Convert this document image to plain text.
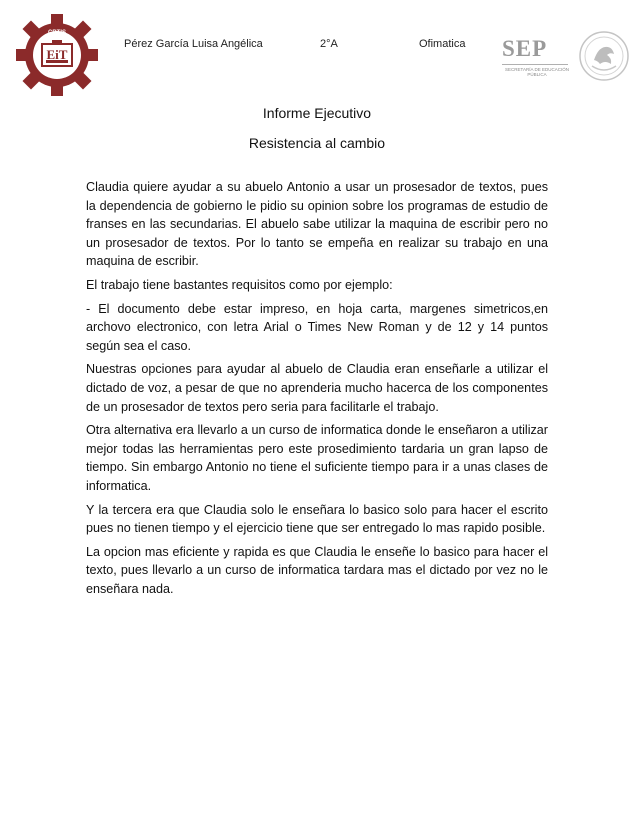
CBTIS
EiT
Pérez García Luisa Angélica	2°A	Ofimatica SEP
SECRETARÍA DE EDUCACIÓN PÚBLICA
Informe Ejecutivo
Resistencia al cambio

Claudia quiere ayudar a su abuelo Antonio a usar un prosesador de textos, pues la dependencia de gobierno le pidio su opinion sobre los programas de estudio de franses en las secundarias. El abuelo sabe utilizar la maquina de escribir pero no un prosesador de textos. Por lo tanto se empeña en realizar su trabajo en una maquina de escribir.

El trabajo tiene bastantes requisitos como por ejemplo:

- El documento debe estar impreso, en hoja carta, margenes simetricos,en archovo electronico, con letra Arial o Times New Roman y de 12 y 14 puntos según sea el caso.

Nuestras opciones para ayudar al abuelo de Claudia eran enseñarle a utilizar el dictado de voz, a pesar de que no aprenderia mucho hacerca de los componentes de un prosesador de textos pero seria para facilitarle el trabajo.

Otra alternativa era llevarlo a un curso de informatica donde le enseñaron a utilizar mejor todas las herramientas pero este prosedimiento tardaria un gran lapso de tiempo. Sin embargo Antonio no tiene el suficiente tiempo para ir a unas clases de informatica.

Y la tercera era que Claudia solo le enseñara lo basico solo para hacer el escrito pues no tienen tiempo y el ejercicio tiene que ser entregado lo mas rapido posible.

La opcion mas eficiente y rapida es que Claudia le enseñe lo basico para hacer el texto, pues llevarlo a un curso de informatica tardara mas el dictado por vez no le enseñara nada.
